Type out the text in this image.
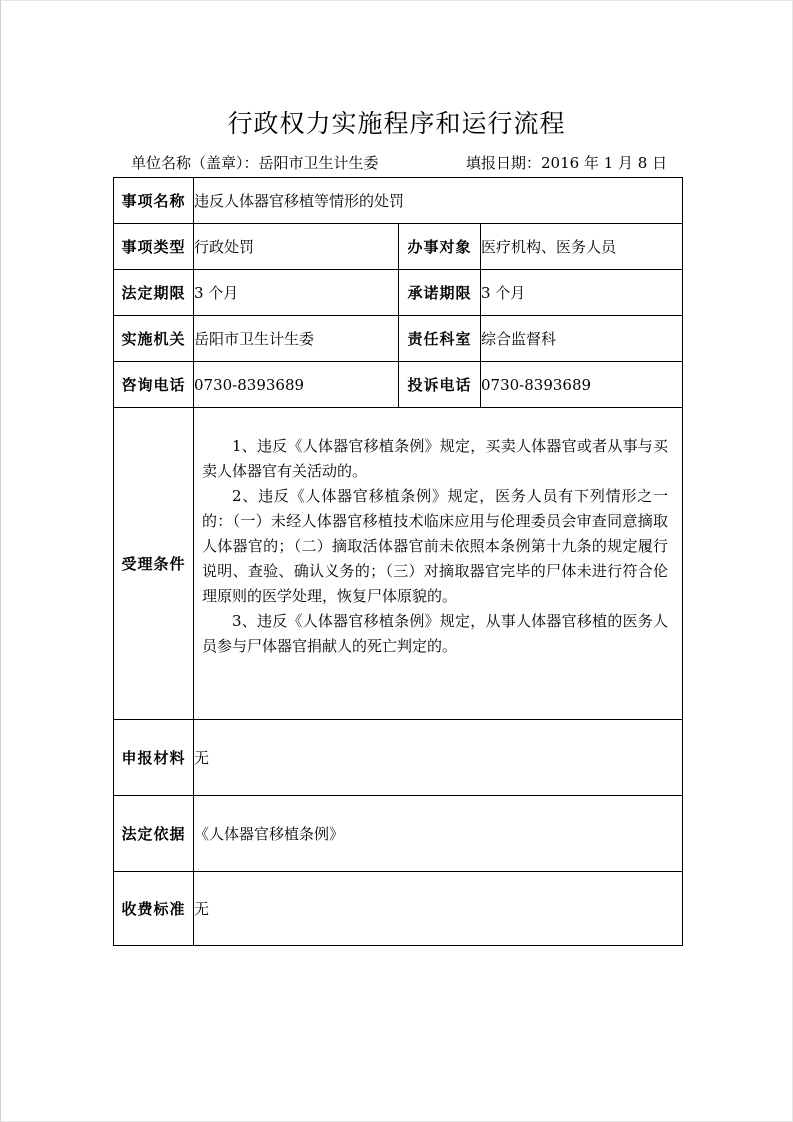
行政权力实施程序和运行流程
单位名称（盖章）：岳阳市卫生计生委	填报日期：2016 年 1 月 8 日
事项名称	违反人体器官移植等情形的处罚		
事项类型	行政处罚	办事对象	医疗机构、医务人员
法定期限	3 个月	承诺期限	3 个月
实施机关	岳阳市卫生计生委	责任科室	综合监督科
咨询电话	0730-8393689	投诉电话	0730-8393689
受理条件	1、违反《人体器官移植条例》规定，买卖人体器官或者从事与买卖人体器官有关活动的。

2、违反《人体器官移植条例》规定，医务人员有下列情形之一的：（一）未经人体器官移植技术临床应用与伦理委员会审查同意摘取人体器官的；（二）摘取活体器官前未依照本条例第十九条的规定履行说明、查验、确认义务的；（三）对摘取器官完毕的尸体未进行符合伦理原则的医学处理，恢复尸体原貌的。

3、违反《人体器官移植条例》规定，从事人体器官移植的医务人员参与尸体器官捐献人的死亡判定的。		

申报材料	无		
法定依据	《人体器官移植条例》		
收费标准	无		
